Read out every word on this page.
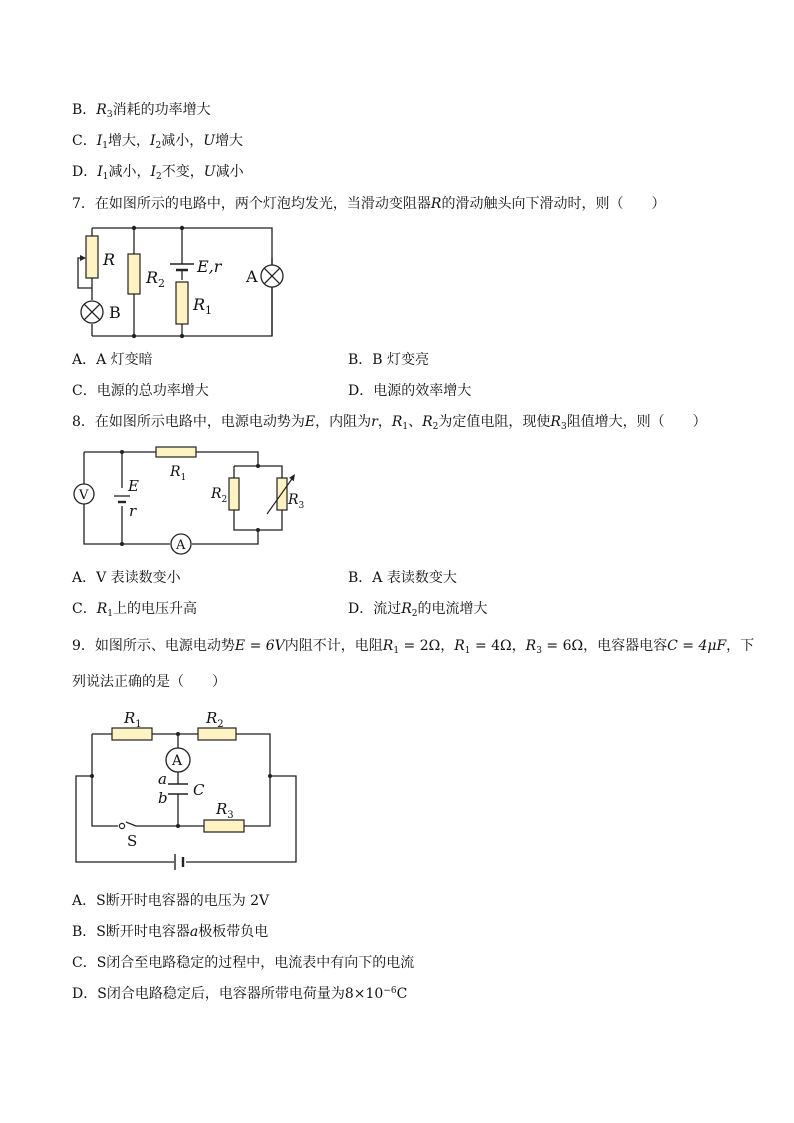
B．$R_3$消耗的功率增大
C．$I_1$增大，$I_2$减小，U增大
D．$I_1$减小，$I_2$不变，U减小
7．在如图所示的电路中，两个灯泡均发光，当滑动变阻器R的滑动触头向下滑动时，则（　　）
R
$R_2$
E,r
$R_1$
A
B
A．A 灯变暗	B．B 灯变亮
C．电源的总功率增大	D．电源的效率增大
8．在如图所示电路中，电源电动势为E，内阻为r，$R_1$、$R_2$为定值电阻，现使$R_3$阻值增大，则（　　）
V
A
E
r
$R_1$
$R_2$	$R_3$
A．V 表读数变小	B．A 表读数变大
C．$R_1$上的电压升高	D．流过$R_2$的电流增大
9．如图所示、电源电动势E = 6V内阻不计，电阻$R_1 = 2\Omega$，$R_1 = 4\Omega$，$R_3 = 6\Omega$，电容器电容C = 4μF，下
列说法正确的是（　　）
A
$R_1$	$R_2$
$R_3$
a
b C
S
A．S断开时电容器的电压为 2V
B．S断开时电容器a极板带负电
C．S闭合至电路稳定的过程中，电流表中有向下的电流
D．S闭合电路稳定后，电容器所带电荷量为$8\times 10^{-6}C$
